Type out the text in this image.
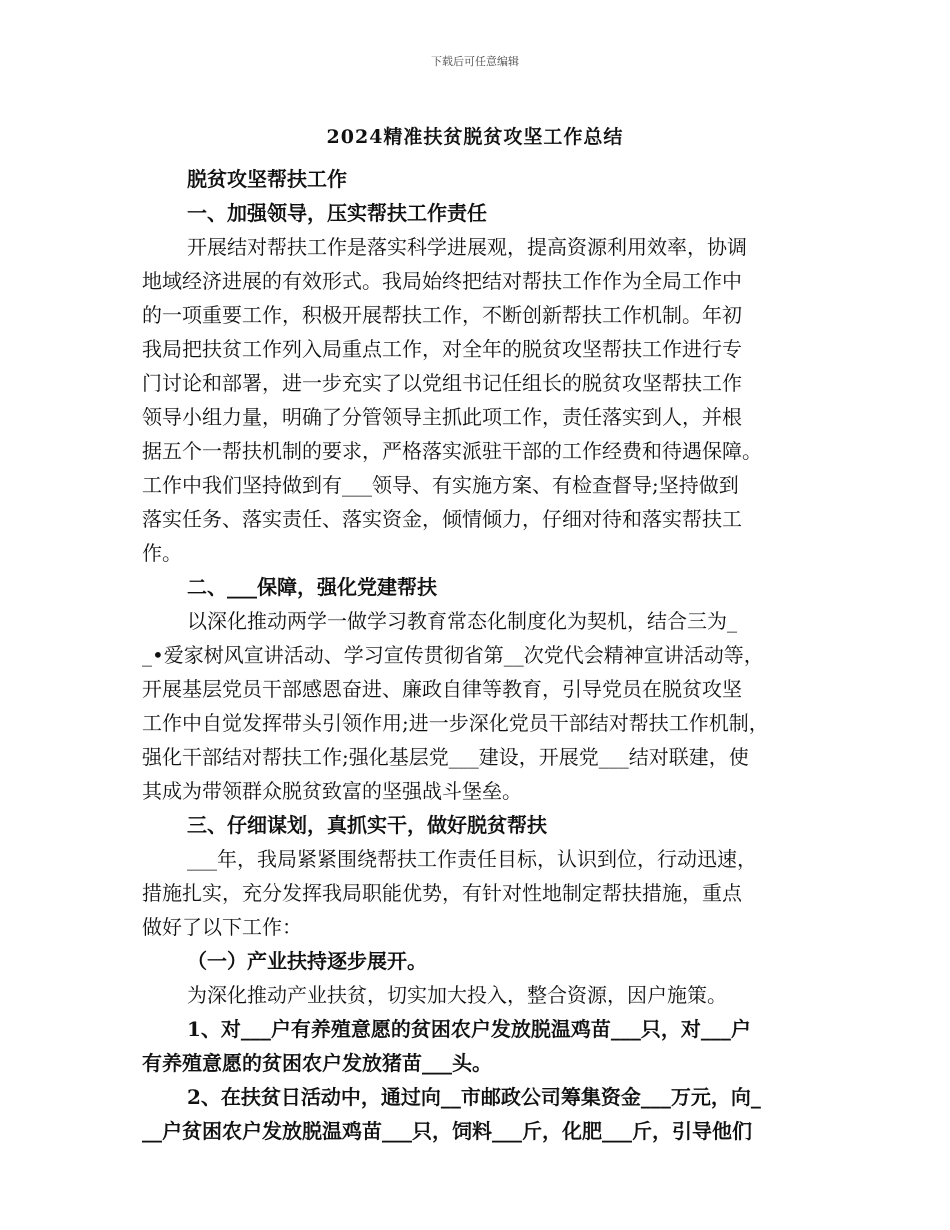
下载后可任意编辑
2024精准扶贫脱贫攻坚工作总结
脱贫攻坚帮扶工作
一、加强领导，压实帮扶工作责任
开展结对帮扶工作是落实科学进展观，提高资源利用效率，协调
地域经济进展的有效形式。我局始终把结对帮扶工作作为全局工作中
的一项重要工作，积极开展帮扶工作，不断创新帮扶工作机制。年初
我局把扶贫工作列入局重点工作，对全年的脱贫攻坚帮扶工作进行专
门讨论和部署，进一步充实了以党组书记任组长的脱贫攻坚帮扶工作
领导小组力量，明确了分管领导主抓此项工作，责任落实到人，并根
据五个一帮扶机制的要求，严格落实派驻干部的工作经费和待遇保障。
工作中我们坚持做到有___领导、有实施方案、有检查督导;坚持做到
落实任务、落实责任、落实资金，倾情倾力，仔细对待和落实帮扶工
作。
二、___保障，强化党建帮扶
以深化推动两学一做学习教育常态化制度化为契机，结合三为_
_•爱家树风宣讲活动、学习宣传贯彻省第__次党代会精神宣讲活动等，
开展基层党员干部感恩奋进、廉政自律等教育，引导党员在脱贫攻坚
工作中自觉发挥带头引领作用;进一步深化党员干部结对帮扶工作机制，
强化干部结对帮扶工作;强化基层党___建设，开展党___结对联建，使
其成为带领群众脱贫致富的坚强战斗堡垒。
三、仔细谋划，真抓实干，做好脱贫帮扶
___年，我局紧紧围绕帮扶工作责任目标，认识到位，行动迅速，
措施扎实，充分发挥我局职能优势，有针对性地制定帮扶措施，重点
做好了以下工作：
（一）产业扶持逐步展开。
为深化推动产业扶贫，切实加大投入，整合资源，因户施策。
1、对___户有养殖意愿的贫困农户发放脱温鸡苗___只，对___户
有养殖意愿的贫困农户发放猪苗___头。
2、在扶贫日活动中，通过向__市邮政公司筹集资金___万元，向_
__户贫困农户发放脱温鸡苗___只，饲料___斤，化肥___斤，引导他们
